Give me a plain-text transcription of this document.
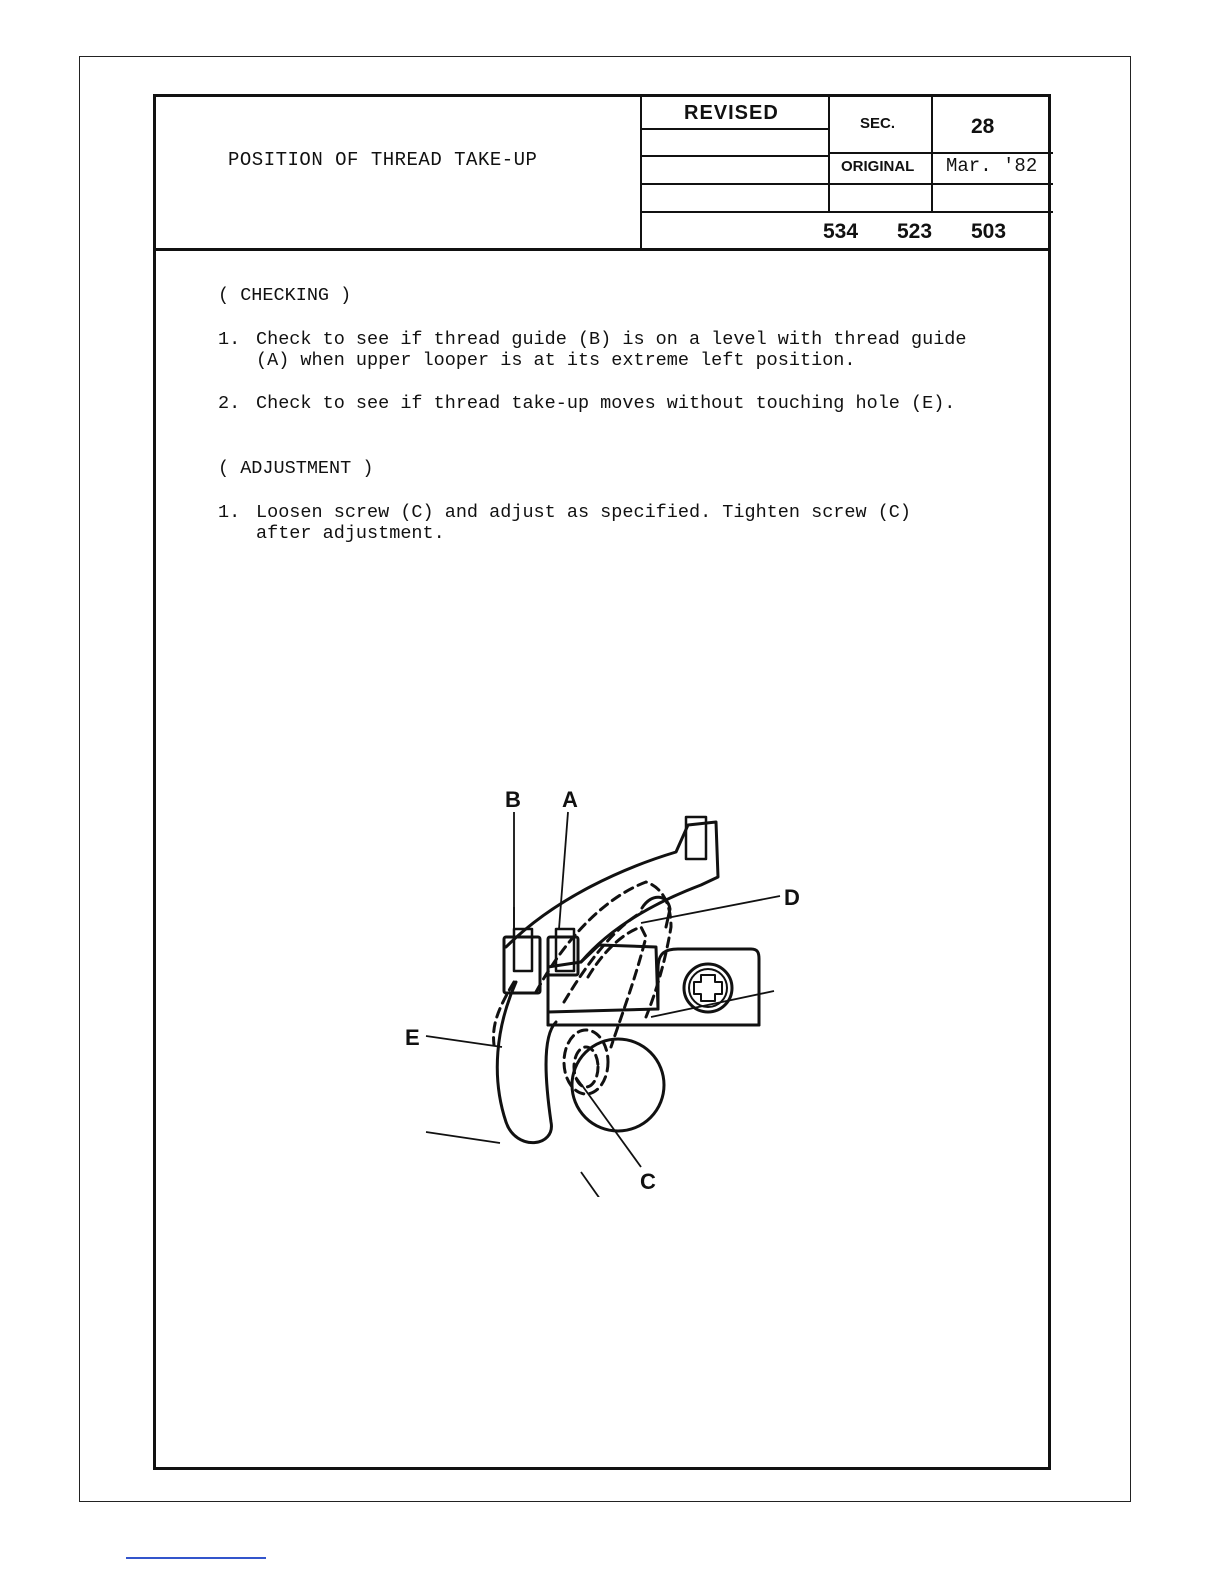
POSITION OF THREAD TAKE-UP
REVISED	SEC.	28
ORIGINAL Mar. '82
534 523 503
( CHECKING )
1. Check to see if thread guide (B) is on a level with thread guide (A) when upper looper is at its extreme left position.
2. Check to see if thread take-up moves without touching hole (E).
( ADJUSTMENT )
1. Loosen screw (C) and adjust as specified. Tighten screw (C) after adjustment.
B A
D
E
C
